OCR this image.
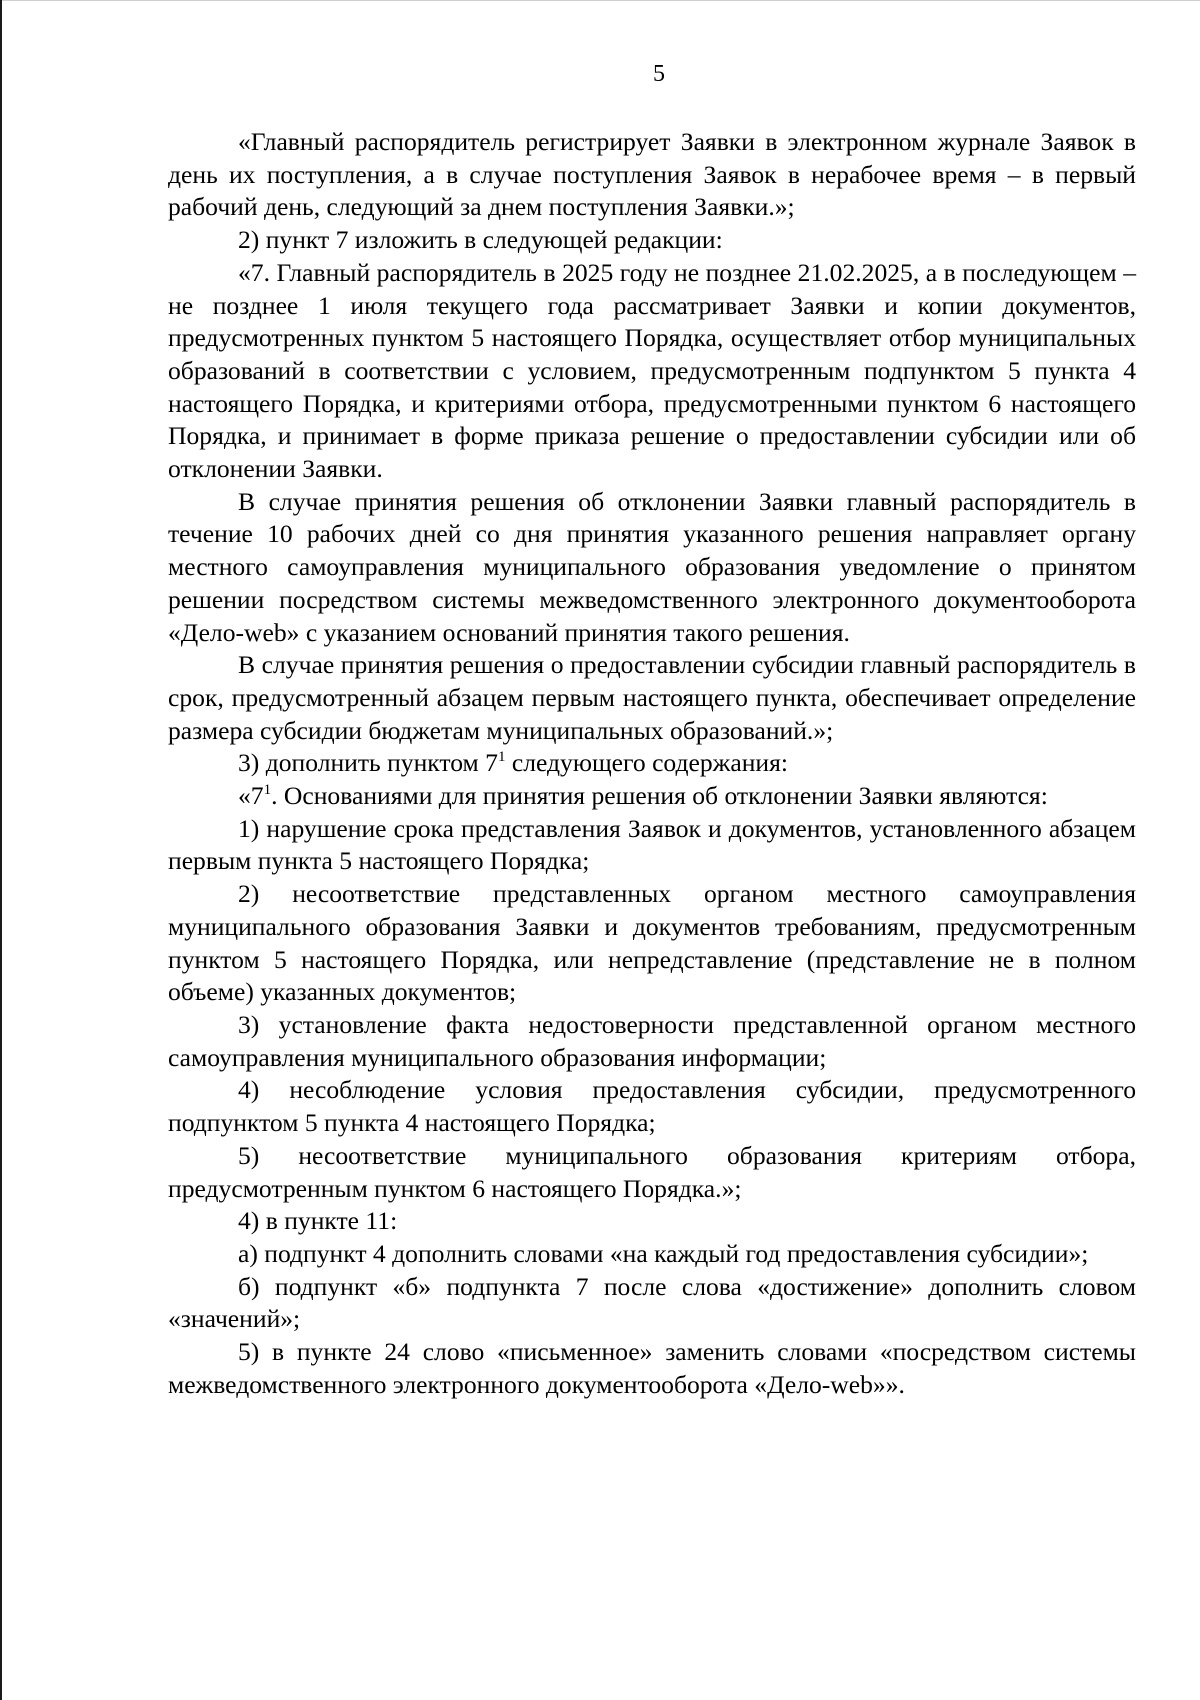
5

«Главный распорядитель регистрирует Заявки в электронном журнале Заявок в день их поступления, а в случае поступления Заявок в нерабочее время – в первый рабочий день, следующий за днем поступления Заявки.»;

2) пункт 7 изложить в следующей редакции:

«7. Главный распорядитель в 2025 году не позднее 21.02.2025, а в последующем – не позднее 1 июля текущего года рассматривает Заявки и копии документов, предусмотренных пунктом 5 настоящего Порядка, осуществляет отбор муниципальных образований в соответствии с условием, предусмотренным подпунктом 5 пункта 4 настоящего Порядка, и критериями отбора, предусмотренными пунктом 6 настоящего Порядка, и принимает в форме приказа решение о предоставлении субсидии или об отклонении Заявки.

В случае принятия решения об отклонении Заявки главный распорядитель в течение 10 рабочих дней со дня принятия указанного решения направляет органу местного самоуправления муниципального образования уведомление о принятом решении посредством системы межведомственного электронного документооборота «Дело-web» с указанием оснований принятия такого решения.

В случае принятия решения о предоставлении субсидии главный распорядитель в срок, предусмотренный абзацем первым настоящего пункта, обеспечивает определение размера субсидии бюджетам муниципальных образований.»;

3) дополнить пунктом $7^1$ следующего содержания:

«$7^1$. Основаниями для принятия решения об отклонении Заявки являются:

1) нарушение срока представления Заявок и документов, установленного абзацем первым пункта 5 настоящего Порядка;

2) несоответствие представленных органом местного самоуправления муниципального образования Заявки и документов требованиям, предусмотренным пунктом 5 настоящего Порядка, или непредставление (представление не в полном объеме) указанных документов;

3) установление факта недостоверности представленной органом местного самоуправления муниципального образования информации;

4) несоблюдение условия предоставления субсидии, предусмотренного подпунктом 5 пункта 4 настоящего Порядка;

5) несоответствие муниципального образования критериям отбора, предусмотренным пунктом 6 настоящего Порядка.»;

4) в пункте 11:

а) подпункт 4 дополнить словами «на каждый год предоставления субсидии»;

б) подпункт «б» подпункта 7 после слова «достижение» дополнить словом «значений»;

5) в пункте 24 слово «письменное» заменить словами «посредством системы межведомственного электронного документооборота «Дело-web»».
